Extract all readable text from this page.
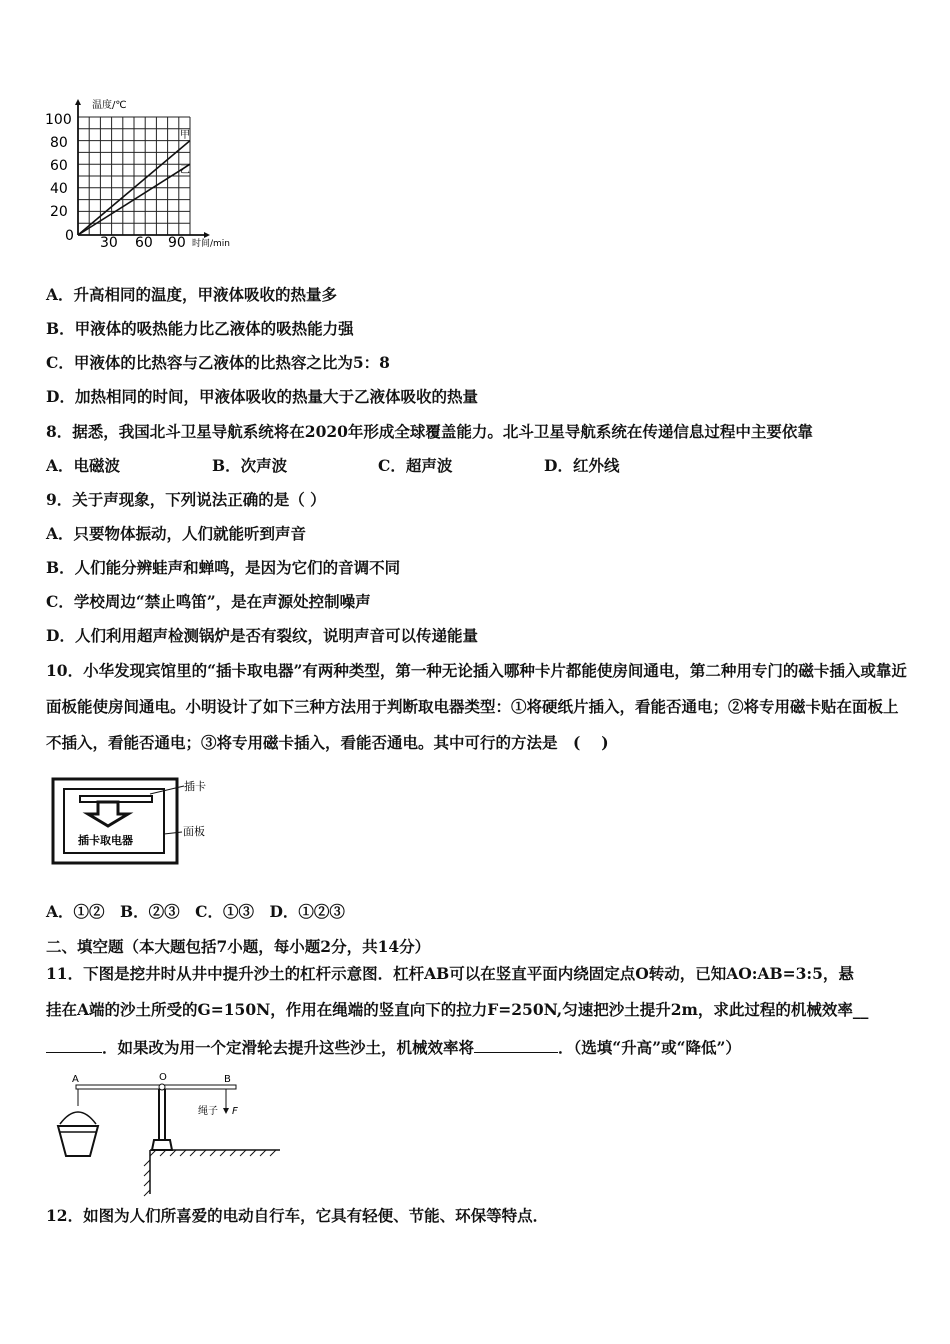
温度/℃
时间/min
100
80
60
40
20
0 30 60 90
甲
乙
A．升高相同的温度，甲液体吸收的热量多
B．甲液体的吸热能力比乙液体的吸热能力强
C．甲液体的比热容与乙液体的比热容之比为5：8
D．加热相同的时间，甲液体吸收的热量大于乙液体吸收的热量
8．据悉，我国北斗卫星导航系统将在2020年形成全球覆盖能力。北斗卫星导航系统在传递信息过程中主要依靠
A．电磁波	B．次声波	C．超声波	D．红外线
9．关于声现象，下列说法正确的是（ ）
A．只要物体振动，人们就能听到声音
B．人们能分辨蛙声和蝉鸣，是因为它们的音调不同
C．学校周边“禁止鸣笛”，是在声源处控制噪声
D．人们利用超声检测锅炉是否有裂纹，说明声音可以传递能量
10．小华发现宾馆里的“插卡取电器”有两种类型，第一种无论插入哪种卡片都能使房间通电，第二种用专门的磁卡插入或靠近面板能使房间通电。小明设计了如下三种方法用于判断取电器类型：①将硬纸片插入，看能否通电；②将专用磁卡贴在面板上不插入，看能否通电；③将专用磁卡插入，看能否通电。其中可行的方法是　(　 )
插卡取电器
插卡
面板
A．①②　B．②③　C．①③　D．①②③
二、填空题（本大题包括7小题，每小题2分，共14分）
11．下图是挖井时从井中提升沙土的杠杆示意图．杠杆AB可以在竖直平面内绕固定点O转动，已知AO:AB=3:5，悬
挂在A端的沙土所受的G=150N，作用在绳端的竖直向下的拉力F=250N,匀速把沙土提升2m，求此过程的机械效率__
．如果改为用一个定滑轮去提升这些沙土，机械效率将	．（选填“升高”或“降低”）
A	O	B
绳子 F
12．如图为人们所喜爱的电动自行车，它具有轻便、节能、环保等特点．
